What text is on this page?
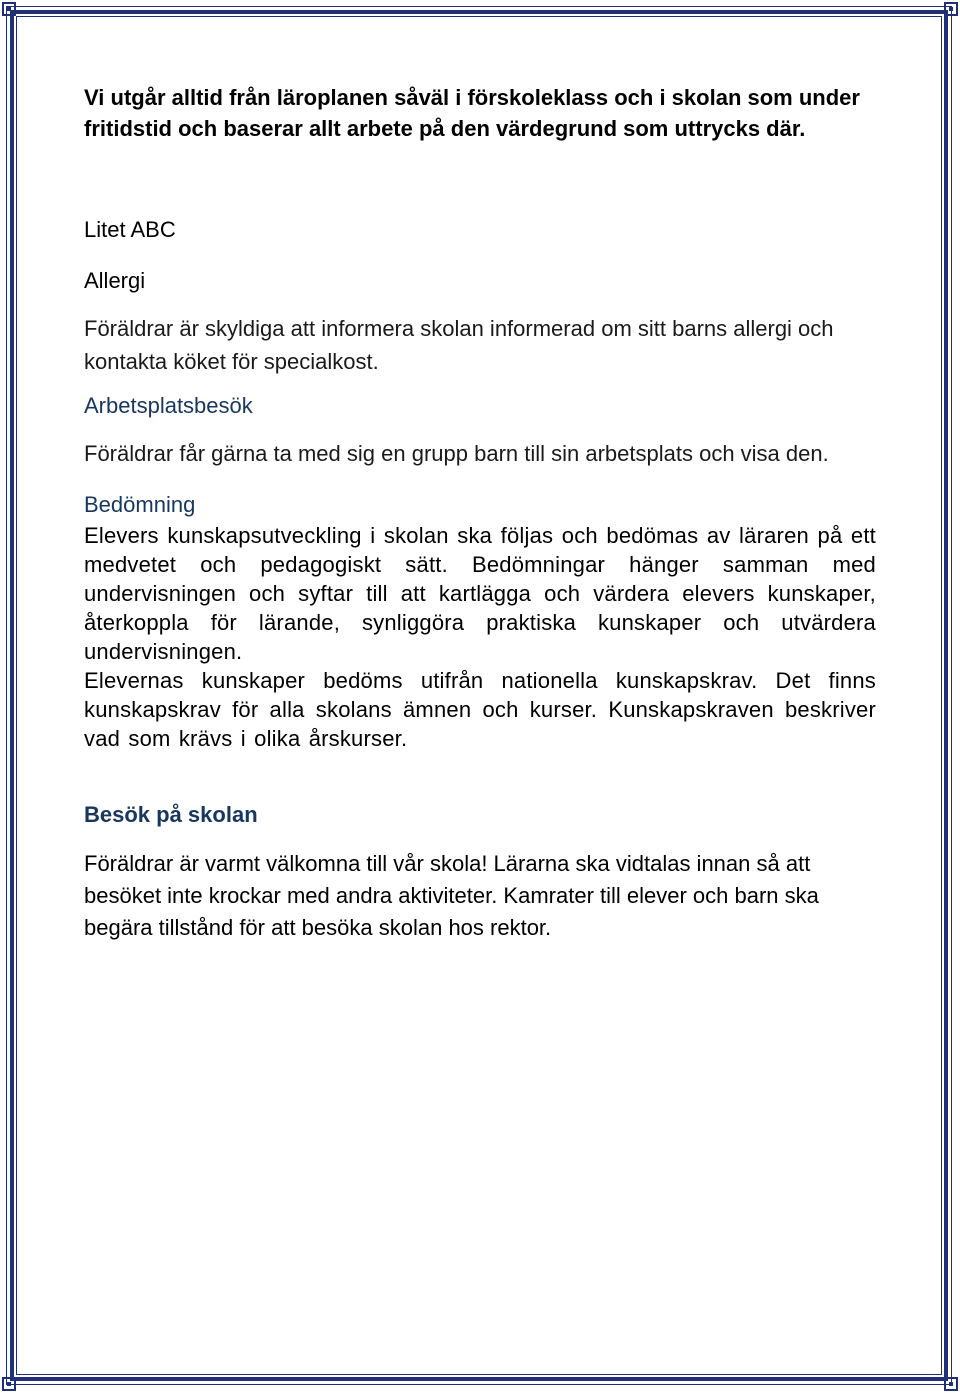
Vi utgår alltid från läroplanen såväl i förskoleklass och i skolan som under fritidstid och baserar allt arbete på den värdegrund som uttrycks där.

Litet ABC

Allergi

Föräldrar är skyldiga att informera skolan informerad om sitt barns allergi och kontakta köket för specialkost.

Arbetsplatsbesök

Föräldrar får gärna ta med sig en grupp barn till sin arbetsplats och visa den.

Bedömning

Elevers kunskapsutveckling i skolan ska följas och bedömas av läraren på ett medvetet och pedagogiskt sätt. Bedömningar hänger samman med undervisningen och syftar till att kartlägga och värdera elevers kunskaper, återkoppla för lärande, synliggöra praktiska kunskaper och utvärdera undervisningen.

Elevernas kunskaper bedöms utifrån nationella kunskapskrav. Det finns kunskapskrav för alla skolans ämnen och kurser. Kunskapskraven beskriver vad som krävs i olika årskurser.

Besök på skolan

Föräldrar är varmt välkomna till vår skola! Lärarna ska vidtalas innan så att besöket inte krockar med andra aktiviteter. Kamrater till elever och barn ska begära tillstånd för att besöka skolan hos rektor.
